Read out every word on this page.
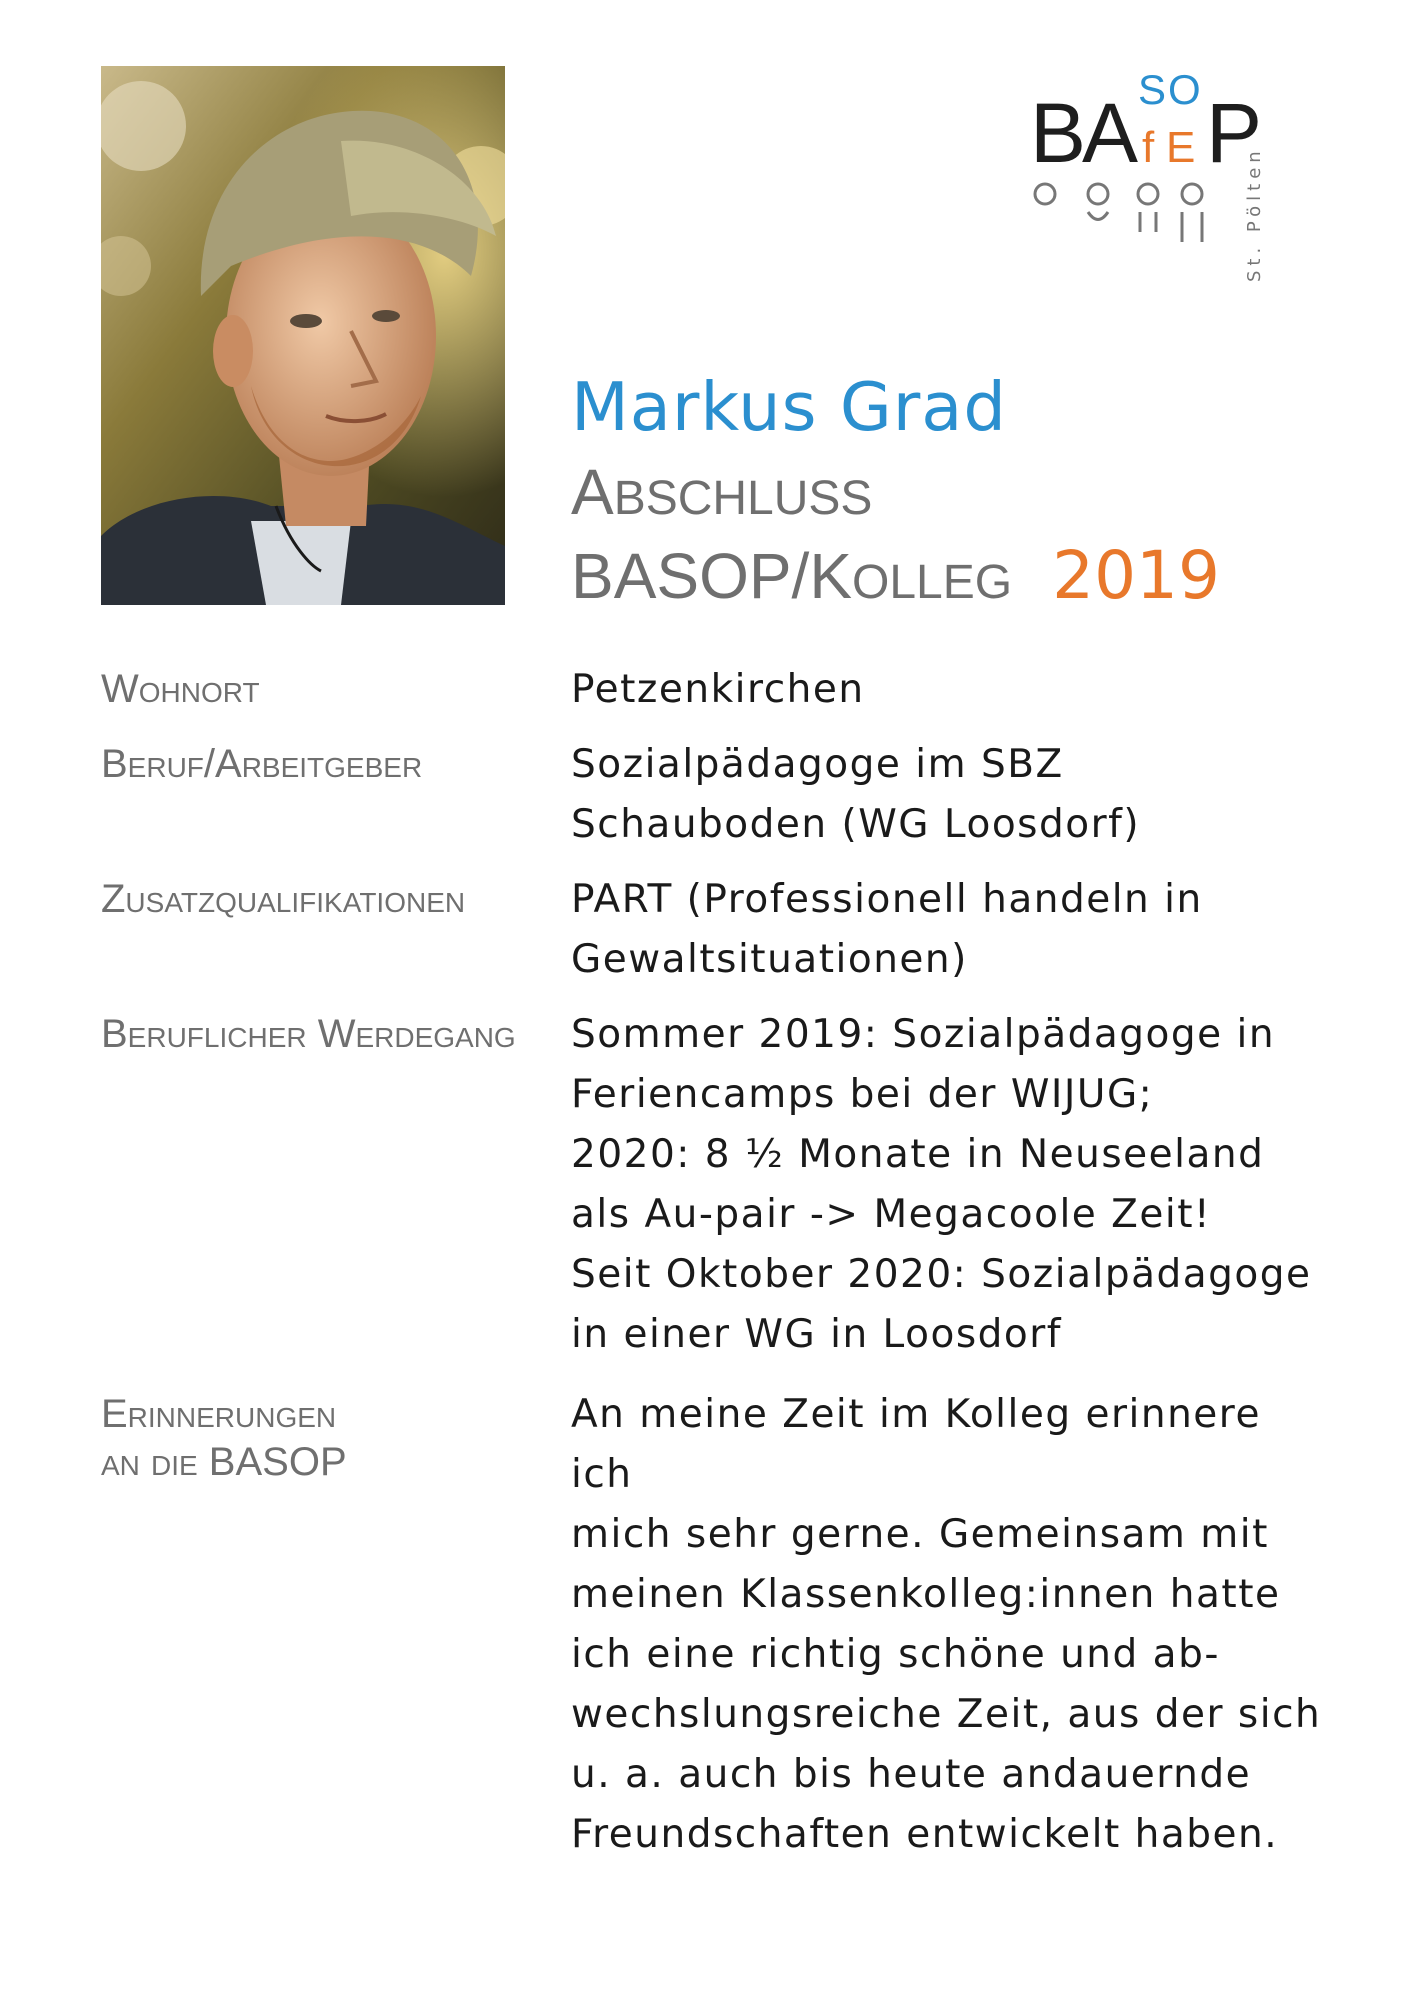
B
A S O P
f E	St. Pölten
Markus Grad
ABSCHLUSS
BASOP/KOLLEG 2019
Wohnort	Petzenkirchen
Beruf/Arbeitgeber	Sozialpädagoge im SBZ
Schauboden (WG Loosdorf)
Zusatzqualifikationen	PART (Professionell handeln in
Gewaltsituationen)
Beruflicher Werdegang	Sommer 2019: Sozialpädagoge in
Feriencamps bei der WIJUG;
2020: 8 ½ Monate in Neuseeland
als Au-pair -> Megacoole Zeit!
Seit Oktober 2020: Sozialpädagoge
in einer WG in Loosdorf
Erinnerungen
an die BASOP
An meine Zeit im Kolleg erinnere ich
mich sehr gerne. Gemeinsam mit
meinen Klassenkolleg:innen hatte
ich eine richtig schöne und ab-
wechslungsreiche Zeit, aus der sich
u. a. auch bis heute andauernde
Freundschaften entwickelt haben.
